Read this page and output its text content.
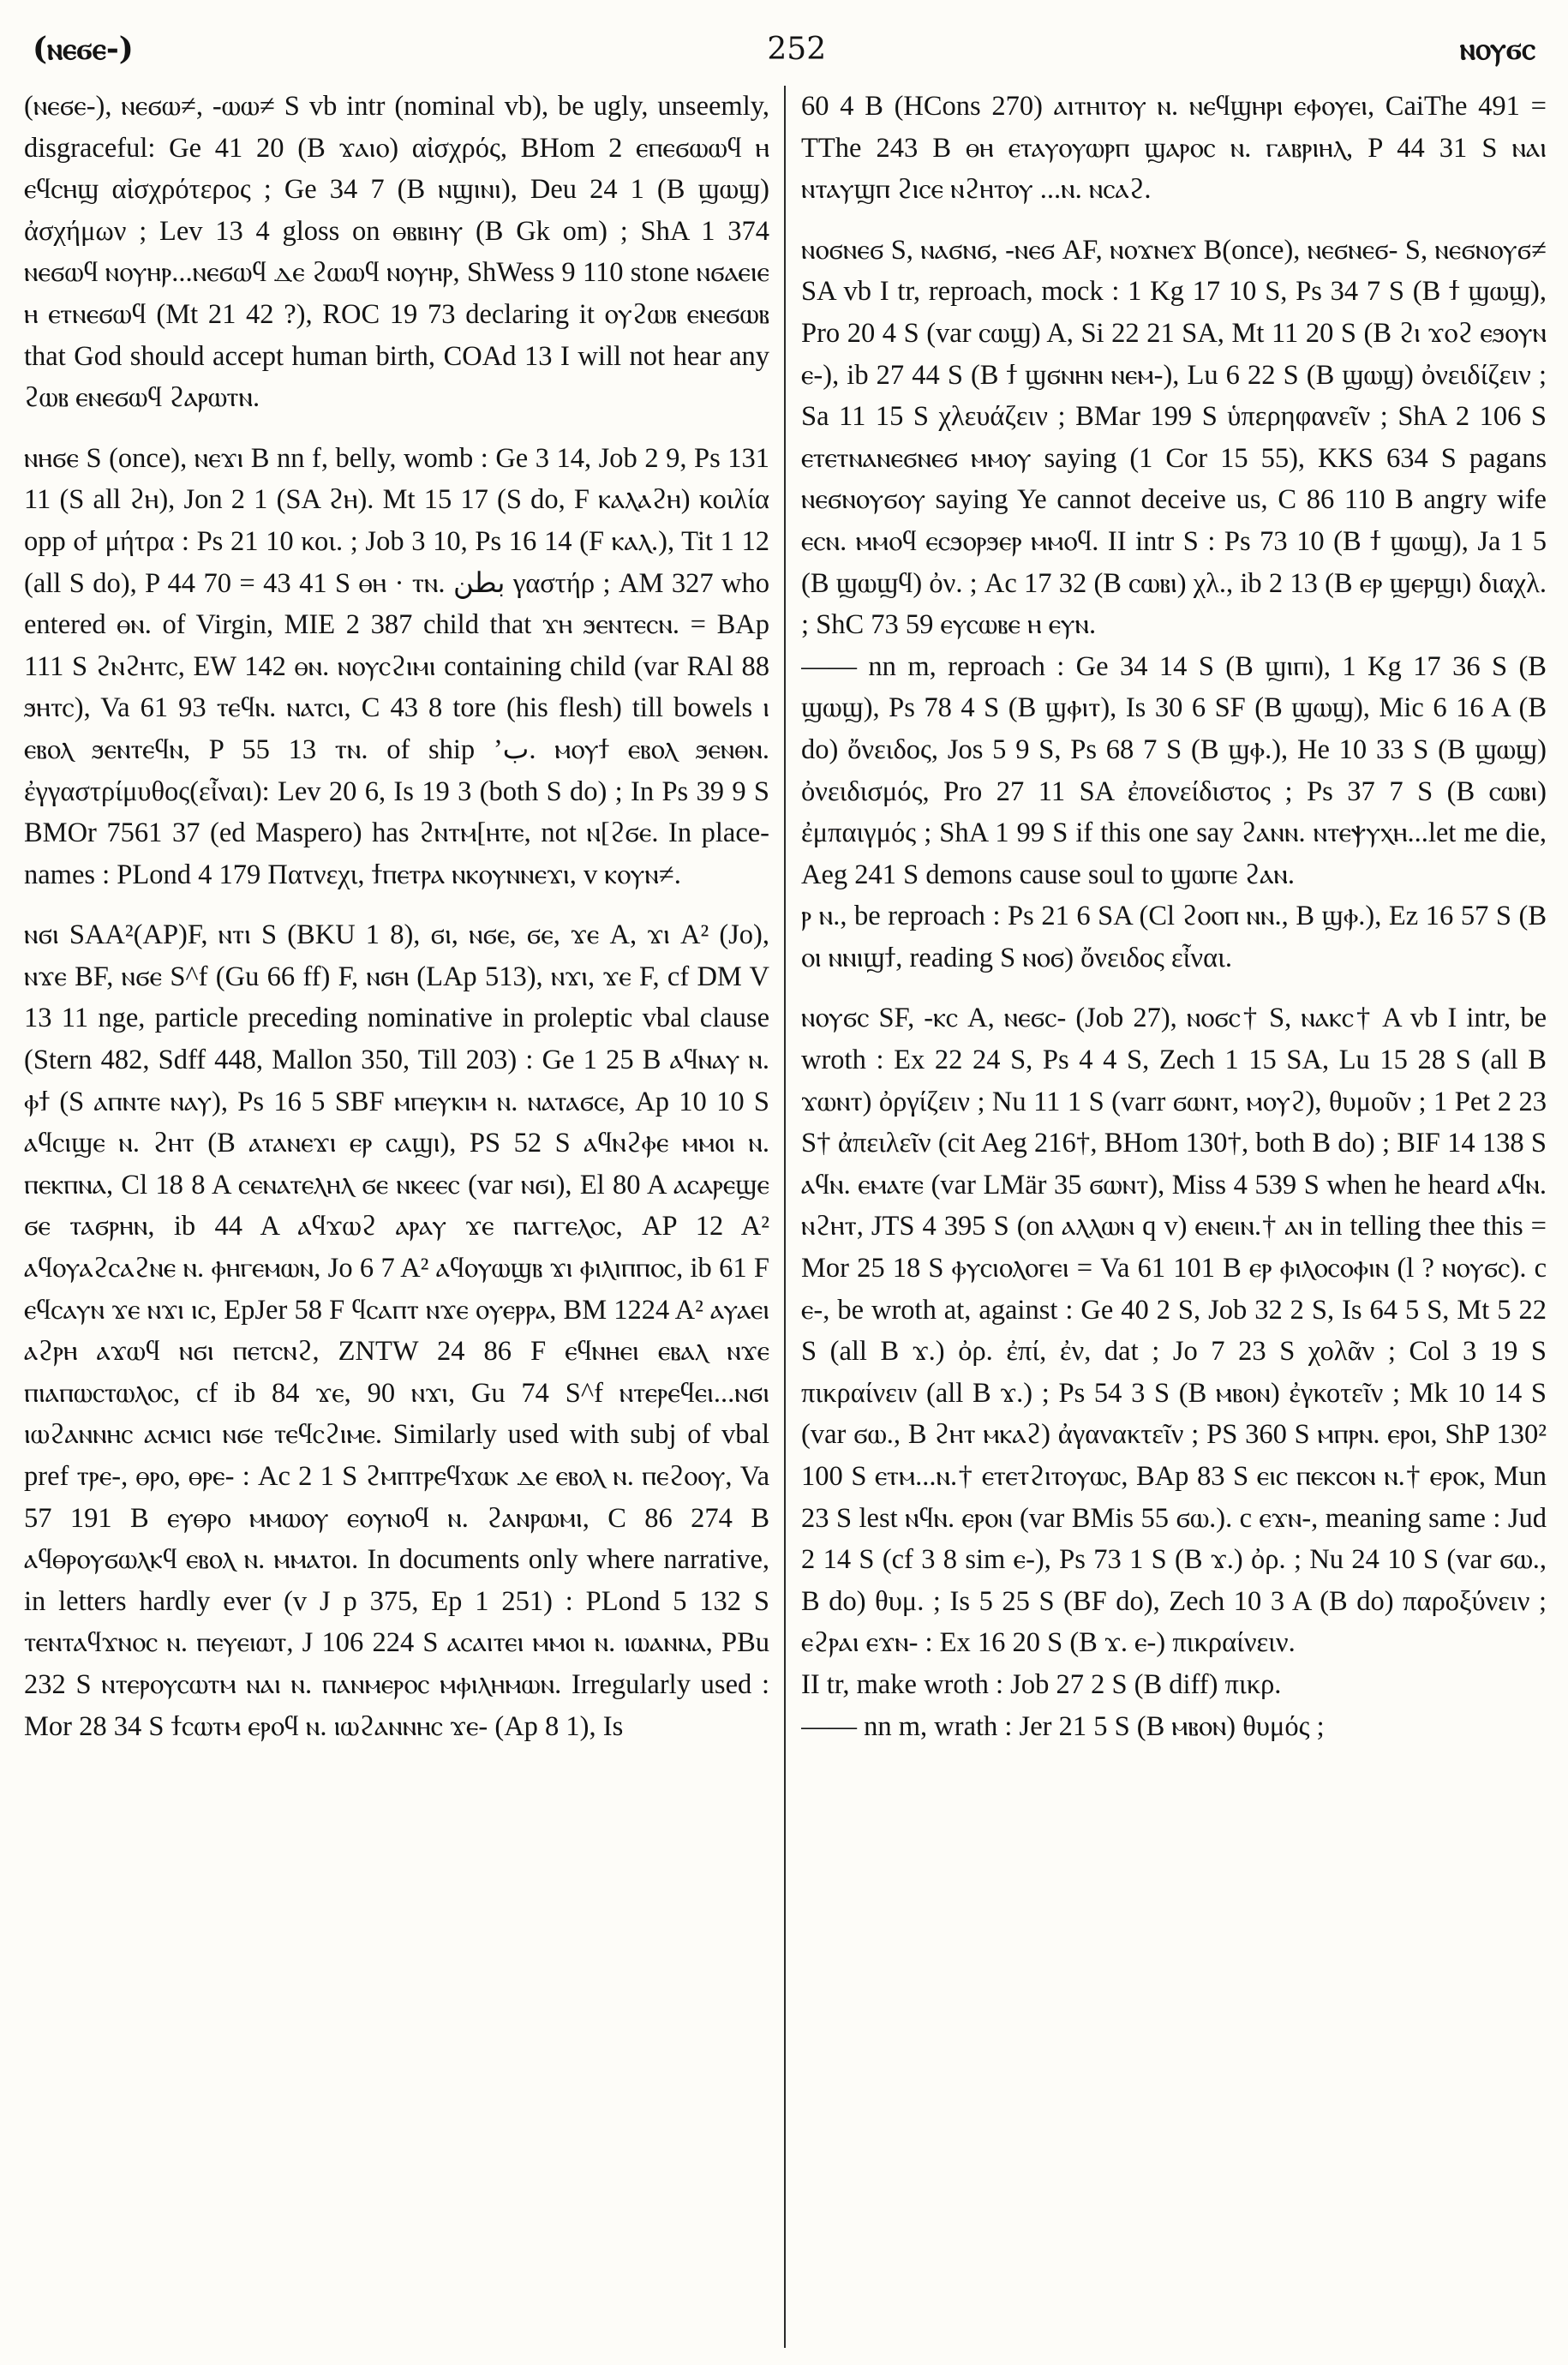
(ⲛⲉϭⲉ-)	252	ⲛⲟⲩϭⲥ

(ⲛⲉϭⲉ-), ⲛⲉϭⲱ≠, -ⲱⲱ≠ S vb intr (nominal vb), be ugly, unseemly, disgraceful: Ge 41 20 (B ϫⲁⲓⲟ) αἰσχρός, BHom 2 ⲉⲡⲉϭⲱⲱϥ ⲏ ⲉϥⲥⲏϣ αἰσχρότερος ; Ge 34 7 (B ⲛϣⲓⲛⲓ), Deu 24 1 (B ϣⲱϣ) ἀσχήμων ; Lev 13 4 gloss on ⲑⲃⲃⲓⲏⲩ (B Gk om) ; ShA 1 374 ⲛⲉϭⲱϥ ⲛⲟⲩⲏⲣ...ⲛⲉϭⲱϥ ⲇⲉ ϩⲱⲱϥ ⲛⲟⲩⲏⲣ, ShWess 9 110 stone ⲛϭⲁⲉⲓⲉ ⲏ ⲉⲧⲛⲉϭⲱϥ (Mt 21 42 ?), ROC 19 73 declaring it ⲟⲩϩⲱⲃ ⲉⲛⲉϭⲱⲃ that God should accept human birth, COAd 13 I will not hear any ϩⲱⲃ ⲉⲛⲉϭⲱϥ ϩⲁⲣⲱⲧⲛ.

ⲛⲏϭⲉ S (once), ⲛⲉϫⲓ B nn f, belly, womb : Ge 3 14, Job 2 9, Ps 131 11 (S all ϩⲏ), Jon 2 1 (SA ϩⲏ). Mt 15 17 (S do, F ⲕⲁⲗⲁϩⲏ) κοιλία opp ⲟϯ μήτρα : Ps 21 10 κοι. ; Job 3 10, Ps 16 14 (F ⲕⲁⲗ.), Tit 1 12 (all S do), P 44 70 = 43 41 S ⲑⲏ · ⲧⲛ. بطن γαστήρ ; AM 327 who entered ⲑⲛ. of Virgin, MIE 2 387 child that ϫⲏ ϧⲉⲛⲧⲉⲥⲛ. = BAp 111 S ϩⲛϩⲏⲧⲥ, EW 142 ⲑⲛ. ⲛⲟⲩⲥϩⲓⲙⲓ containing child (var RAl 88 ϧⲏⲧⲥ), Va 61 93 ⲧⲉϥⲛ. ⲛⲁⲧⲥⲓ, C 43 8 tore (his flesh) till bowels ⲓ ⲉⲃⲟⲗ ϧⲉⲛⲧⲉϥⲛ, P 55 13 ⲧⲛ. of ship ’ب. ⲙⲟⲩϯ ⲉⲃⲟⲗ ϧⲉⲛⲑⲛ. ἐγγαστρίμυθος(εἶναι): Lev 20 6, Is 19 3 (both S do) ; In Ps 39 9 S BMOr 7561 37 (ed Maspero) has ϩⲛⲧⲙ[ⲏⲧⲉ, not ⲛ[ϩϭⲉ. In place-names : PLond 4 179 Πατνεχι, ϯⲡⲉⲧⲣⲁ ⲛⲕⲟⲩⲛⲛⲉϫⲓ, v ⲕⲟⲩⲛ≠.

ⲛϭⲓ SAA²(AP)F, ⲛⲧⲓ S (BKU 1 8), ϭⲓ, ⲛϭⲉ, ϭⲉ, ϫⲉ A, ϫⲓ A² (Jo), ⲛϫⲉ BF, ⲛϭⲉ S^f (Gu 66 ff) F, ⲛϭⲏ (LAp 513), ⲛϫⲓ, ϫⲉ F, cf DM V 13 11 nge, particle preceding nominative in proleptic vbal clause (Stern 482, Sdff 448, Mallon 350, Till 203) : Ge 1 25 B ⲁϥⲛⲁⲩ ⲛ. ⲫϯ (S ⲁⲡⲛⲧⲉ ⲛⲁⲩ), Ps 16 5 SBF ⲙⲡⲉⲩⲕⲓⲙ ⲛ. ⲛⲁⲧⲁϭⲥⲉ, Ap 10 10 S ⲁϥⲥⲓϣⲉ ⲛ. ϩⲏⲧ (B ⲁⲧⲁⲛⲉϫⲓ ⲉⲣ ⲥⲁϣⲓ), PS 52 S ⲁϥⲛϩⲫⲉ ⲙⲙⲟⲓ ⲛ. ⲡⲉⲕⲡⲛⲁ, Cl 18 8 A ⲥⲉⲛⲁⲧⲉⲗⲏⲗ ϭⲉ ⲛⲕⲉⲉⲥ (var ⲛϭⲓ), El 80 A ⲁⲥⲁⲣⲉϣⲉ ϭⲉ ⲧⲁϭⲣⲏⲛ, ib 44 A ⲁϥϫⲱϩ ⲁⲣⲁⲩ ϫⲉ ⲡⲁⲅⲅⲉⲗⲟⲥ, AP 12 A² ⲁϥⲟⲩⲁϩⲥⲁϩⲛⲉ ⲛ. ⲫⲏⲅⲉⲙⲱⲛ, Jo 6 7 A² ⲁϥⲟⲩⲱϣⲃ ϫⲓ ⲫⲓⲗⲓⲡⲡⲟⲥ, ib 61 F ⲉϥⲥⲁⲩⲛ ϫⲉ ⲛϫⲓ ⲓⲥ, EpJer 58 F ϥⲥⲁⲡⲧ ⲛϫⲉ ⲟⲩⲉⲣⲣⲁ, BM 1224 A² ⲁⲩⲁⲉⲓ ⲁϩⲣⲏ ⲁϫⲱϥ ⲛϭⲓ ⲡⲉⲧⲥⲛϩ, ZNTW 24 86 F ⲉϥⲛⲏⲉⲓ ⲉⲃⲁⲗ ⲛϫⲉ ⲡⲓⲁⲡⲱⲥⲧⲱⲗⲟⲥ, cf ib 84 ϫⲉ, 90 ⲛϫⲓ, Gu 74 S^f ⲛⲧⲉⲣⲉϥⲉⲓ...ⲛϭⲓ ⲓⲱϩⲁⲛⲛⲏⲥ ⲁⲥⲙⲓⲥⲓ ⲛϭⲉ ⲧⲉϥⲥϩⲓⲙⲉ. Similarly used with subj of vbal pref ⲧⲣⲉ-, ⲑⲣⲟ, ⲑⲣⲉ- : Ac 2 1 S ϩⲙⲡⲧⲣⲉϥϫⲱⲕ ⲇⲉ ⲉⲃⲟⲗ ⲛ. ⲡⲉϩⲟⲟⲩ, Va 57 191 B ⲉⲩⲑⲣⲟ ⲙⲙⲱⲟⲩ ⲉⲟⲩⲛⲟϥ ⲛ. ϩⲁⲛⲣⲱⲙⲓ, C 86 274 B ⲁϥⲑⲣⲟⲩϭⲱⲗⲕϥ ⲉⲃⲟⲗ ⲛ. ⲙⲙⲁⲧⲟⲓ. In documents only where narrative, in letters hardly ever (v J p 375, Ep 1 251) : PLond 5 132 S ⲧⲉⲛⲧⲁϥϫⲛⲟⲥ ⲛ. ⲡⲉⲩⲉⲓⲱⲧ, J 106 224 S ⲁⲥⲁⲓⲧⲉⲓ ⲙⲙⲟⲓ ⲛ. ⲓⲱⲁⲛⲛⲁ, PBu 232 S ⲛⲧⲉⲣⲟⲩⲥⲱⲧⲙ ⲛⲁⲓ ⲛ. ⲡⲁⲛⲙⲉⲣⲟⲥ ⲙⲫⲓⲗⲏⲙⲱⲛ. Irregularly used : Mor 28 34 S ϯⲥⲱⲧⲙ ⲉⲣⲟϥ ⲛ. ⲓⲱϩⲁⲛⲛⲏⲥ ϫⲉ- (Ap 8 1), Is

60 4 B (HCons 270) ⲁⲓⲧⲏⲓⲧⲟⲩ ⲛ. ⲛⲉϥϣⲏⲣⲓ ⲉⲫⲟⲩⲉⲓ, CaiThe 491 = TThe 243 B ⲑⲏ ⲉⲧⲁⲩⲟⲩⲱⲣⲡ ϣⲁⲣⲟⲥ ⲛ. ⲅⲁⲃⲣⲓⲏⲗ, P 44 31 S ⲛⲁⲓ ⲛⲧⲁⲩϣⲡ ϩⲓⲥⲉ ⲛϩⲏⲧⲟⲩ ...ⲛ. ⲛⲥⲁϩ.

ⲛⲟϭⲛⲉϭ S, ⲛⲁϭⲛϭ, -ⲛⲉϭ AF, ⲛⲟϫⲛⲉϫ B(once), ⲛⲉϭⲛⲉϭ- S, ⲛⲉϭⲛⲟⲩϭ≠ SA vb I tr, reproach, mock : 1 Kg 17 10 S, Ps 34 7 S (B ϯ ϣⲱϣ), Pro 20 4 S (var ⲥⲱϣ) A, Si 22 21 SA, Mt 11 20 S (B ϩⲓ ϫⲟϩ ⲉϧⲟⲩⲛ ⲉ-), ib 27 44 S (B ϯ ϣϭⲛⲏⲛ ⲛⲉⲙ-), Lu 6 22 S (B ϣⲱϣ) ὀνειδίζειν ; Sa 11 15 S χλευάζειν ; BMar 199 S ὑπερηφανεῖν ; ShA 2 106 S ⲉⲧⲉⲧⲛⲁⲛⲉϭⲛⲉϭ ⲙⲙⲟⲩ saying (1 Cor 15 55), KKS 634 S pagans ⲛⲉϭⲛⲟⲩϭⲟⲩ saying Ye cannot deceive us, C 86 110 B angry wife ⲉⲥⲛ. ⲙⲙⲟϥ ⲉⲥϧⲟⲣϧⲉⲣ ⲙⲙⲟϥ. II intr S : Ps 73 10 (B ϯ ϣⲱϣ), Ja 1 5 (B ϣⲱϣϥ) ὀν. ; Ac 17 32 (B ⲥⲱⲃⲓ) χλ., ib 2 13 (B ⲉⲣ ϣⲉⲣϣⲓ) διαχλ. ; ShC 73 59 ⲉⲩⲥⲱⲃⲉ ⲏ ⲉⲩⲛ.

—— nn m, reproach : Ge 34 14 S (B ϣⲓⲡⲓ), 1 Kg 17 36 S (B ϣⲱϣ), Ps 78 4 S (B ϣⲫⲓⲧ), Is 30 6 SF (B ϣⲱϣ), Mic 6 16 A (B do) ὄνειδος, Jos 5 9 S, Ps 68 7 S (B ϣⲫ.), He 10 33 S (B ϣⲱϣ) ὀνειδισμός, Pro 27 11 SA ἐπονείδιστος ; Ps 37 7 S (B ⲥⲱⲃⲓ) ἐμπαιγμός ; ShA 1 99 S if this one say ϩⲁⲛⲛ. ⲛⲧⲉⲯⲩⲭⲏ...let me die, Aeg 241 S demons cause soul to ϣⲱⲡⲉ ϩⲁⲛ.

ⲣ ⲛ., be reproach : Ps 21 6 SA (Cl ϩⲟⲟⲡ ⲛⲛ., B ϣⲫ.), Ez 16 57 S (B ⲟⲓ ⲛⲛⲓϣϯ, reading S ⲛⲟϭ) ὄνειδος εἶναι.

ⲛⲟⲩϭⲥ SF, -ⲕⲥ A, ⲛⲉϭⲥ- (Job 27), ⲛⲟϭⲥ† S, ⲛⲁⲕⲥ† A vb I intr, be wroth : Ex 22 24 S, Ps 4 4 S, Zech 1 15 SA, Lu 15 28 S (all B ϫⲱⲛⲧ) ὀργίζειν ; Nu 11 1 S (varr ϭⲱⲛⲧ, ⲙⲟⲩϩ), θυμοῦν ; 1 Pet 2 23 S† ἀπειλεῖν (cit Aeg 216†, BHom 130†, both B do) ; BIF 14 138 S ⲁϥⲛ. ⲉⲙⲁⲧⲉ (var LMär 35 ϭⲱⲛⲧ), Miss 4 539 S when he heard ⲁϥⲛ. ⲛϩⲏⲧ, JTS 4 395 S (on ⲁⲗⲗⲱⲛ q v) ⲉⲛⲉⲓⲛ.† ⲁⲛ in telling thee this = Mor 25 18 S ⲫⲩⲥⲓⲟⲗⲟⲅⲉⲓ = Va 61 101 B ⲉⲣ ⲫⲓⲗⲟⲥⲟⲫⲓⲛ (l ? ⲛⲟⲩϭⲥ). c ⲉ-, be wroth at, against : Ge 40 2 S, Job 32 2 S, Is 64 5 S, Mt 5 22 S (all B ϫ.) ὀρ. ἐπί, ἐν, dat ; Jo 7 23 S χολᾶν ; Col 3 19 S πικραίνειν (all B ϫ.) ; Ps 54 3 S (B ⲙⲃⲟⲛ) ἐγκοτεῖν ; Mk 10 14 S (var ϭⲱ., B ϩⲏⲧ ⲙⲕⲁϩ) ἀγανακτεῖν ; PS 360 S ⲙⲡⲣⲛ. ⲉⲣⲟⲓ, ShP 130² 100 S ⲉⲧⲙ...ⲛ.† ⲉⲧⲉⲧϩⲓⲧⲟⲩⲱⲥ, BAp 83 S ⲉⲓⲥ ⲡⲉⲕⲥⲟⲛ ⲛ.† ⲉⲣⲟⲕ, Mun 23 S lest ⲛϥⲛ. ⲉⲣⲟⲛ (var BMis 55 ϭⲱ.). c ⲉϫⲛ-, meaning same : Jud 2 14 S (cf 3 8 sim ⲉ-), Ps 73 1 S (B ϫ.) ὀρ. ; Nu 24 10 S (var ϭⲱ., B do) θυμ. ; Is 5 25 S (BF do), Zech 10 3 A (B do) παροξύνειν ; ⲉϩⲣⲁⲓ ⲉϫⲛ- : Ex 16 20 S (B ϫ. ⲉ-) πικραίνειν.

II tr, make wroth : Job 27 2 S (B diff) πικρ.

—— nn m, wrath : Jer 21 5 S (B ⲙⲃⲟⲛ) θυμός ;
